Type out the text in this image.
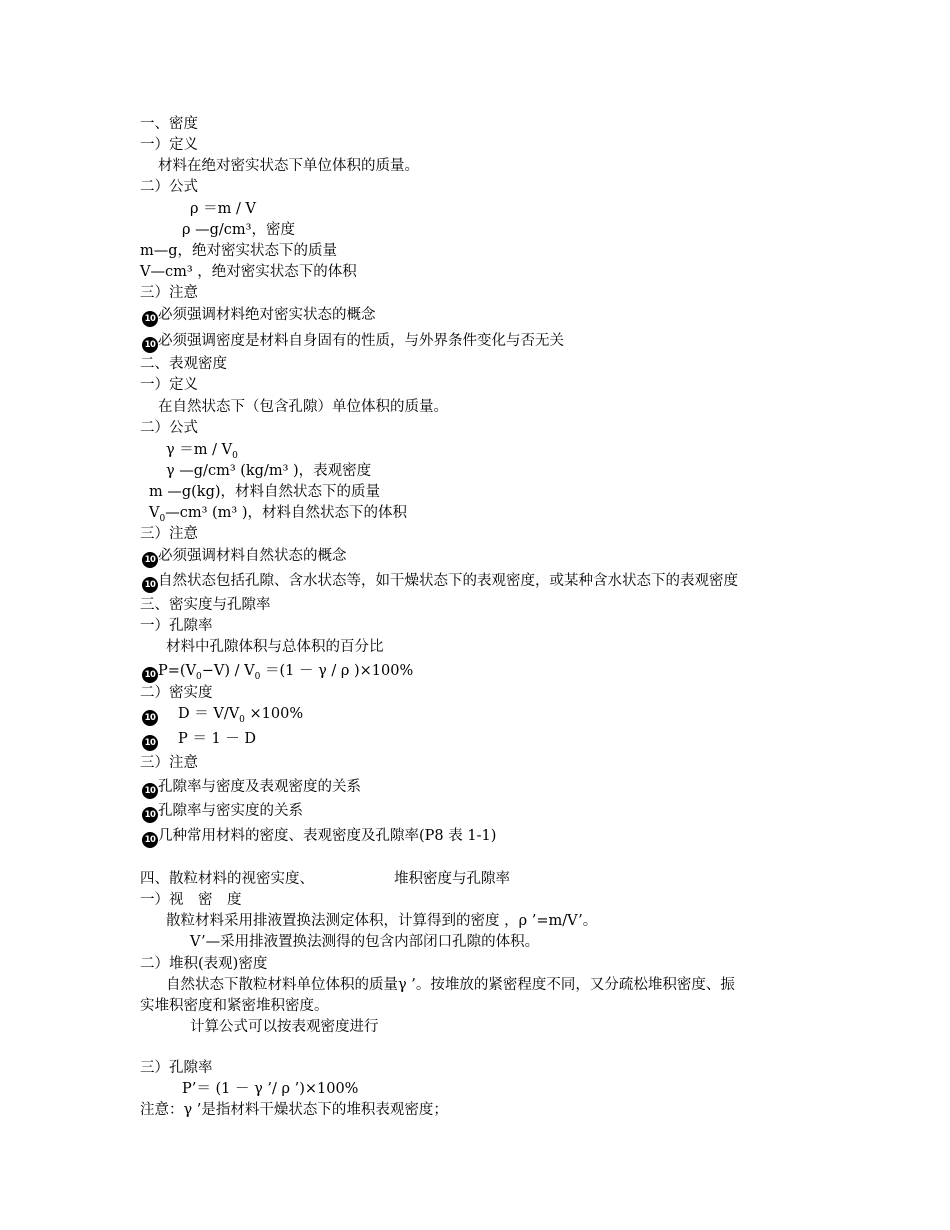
一、密度
一）定义
材料在绝对密实状态下单位体积的质量。
二）公式
ρ ＝m / V
ρ —g/cm³，密度
m—g，绝对密实状态下的质量
V—cm³ ，绝对密实状态下的体积
三）注意
10 必须强调材料绝对密实状态的概念
10 必须强调密度是材料自身固有的性质，与外界条件变化与否无关
二、表观密度
一）定义
在自然状态下（包含孔隙）单位体积的质量。
二）公式
$\gamma =m / V_0$
γ —g/cm³ (kg/m³ )，表观密度
m —g(kg)，材料自然状态下的质量
$V_0—cm^3$ (m³ )，材料自然状态下的体积
三）注意
10 必须强调材料自然状态的概念
10 自然状态包括孔隙、含水状态等，如干燥状态下的表观密度，或某种含水状态下的表观密度
三、密实度与孔隙率
一）孔隙率
材料中孔隙体积与总体积的百分比
10 $P=(V_0-V) / V_0 =(1 - \gamma / \rho$ )×100%
二）密实度
10 $D = V/V_0 \times 100\%$
10 P ＝ 1 － D
三）注意
10 孔隙率与密度及表观密度的关系
10 孔隙率与密实度的关系
10 几种常用材料的密度、表观密度及孔隙率(P8 表 1-1)
四、散粒材料的视密实度、	堆积密度与孔隙率
一）视　密　度
散粒材料采用排液置换法测定体积，计算得到的密度 ，ρ ’=m/V’。
V’—采用排液置换法测得的包含内部闭口孔隙的体积。
二）堆积(表观)密度
自然状态下散粒材料单位体积的质量γ ’。按堆放的紧密程度不同，又分疏松堆积密度、振
实堆积密度和紧密堆积密度。
计算公式可以按表观密度进行
三）孔隙率
P’＝ (1 － γ ’/ ρ ’)×100%
注意：γ ’是指材料干燥状态下的堆积表观密度；
